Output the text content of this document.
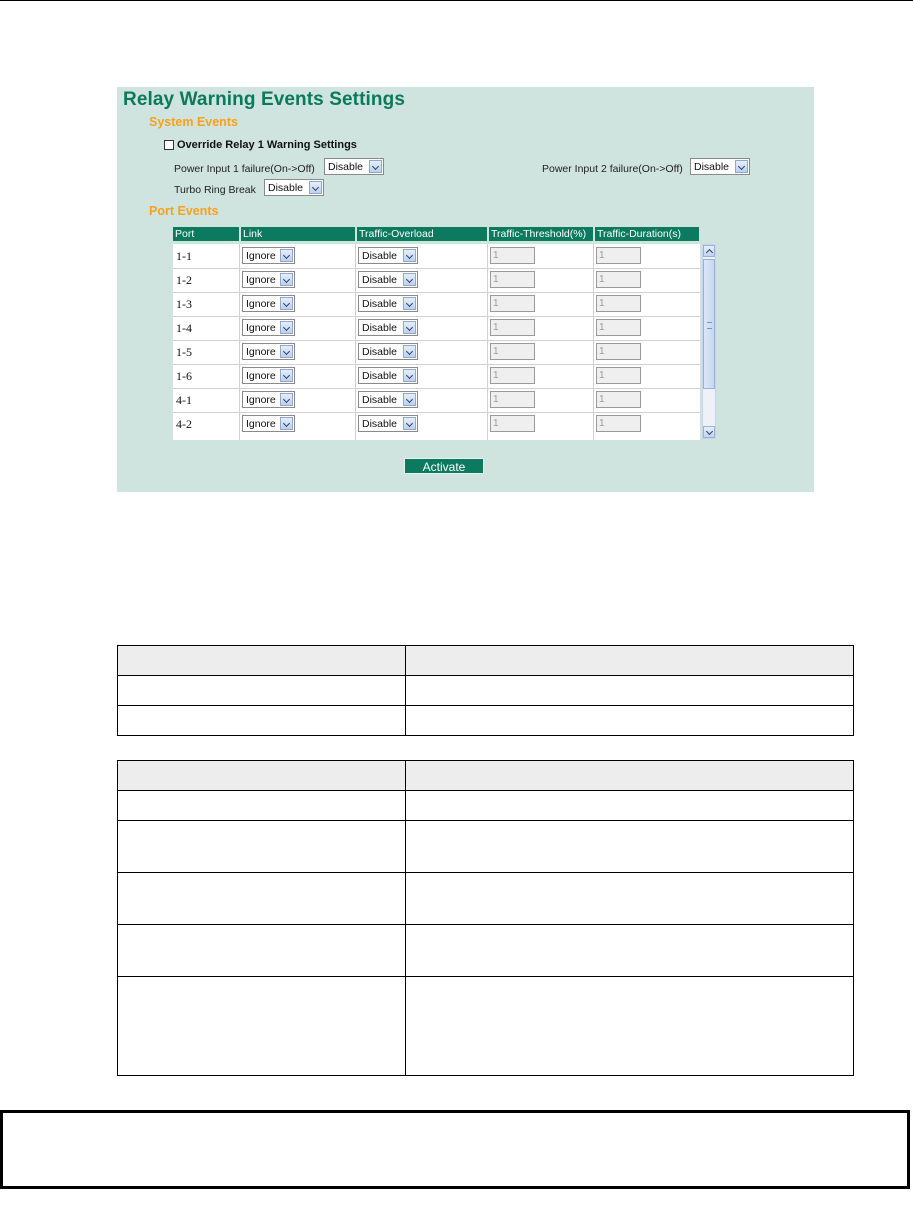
Relay Warning Events Settings
System Events
Override Relay 1 Warning Settings
Power Input 1 failure(On->Off) Disable	Power Input 2 failure(On->Off) Disable
Turbo Ring Break Disable
Port Events
Port	Link	Traffic-Overload	Traffic-Threshold(%)	Traffic-Duration(s)
1-1	Ignore	Disable	1	1
1-2	Ignore	Disable	1	1
1-3	Ignore	Disable	1	1
1-4	Ignore	Disable	1	1
1-5	Ignore	Disable	1	1
1-6	Ignore	Disable	1	1
4-1	Ignore	Disable	1	1
4-2	Ignore	Disable	1	1
Activate
